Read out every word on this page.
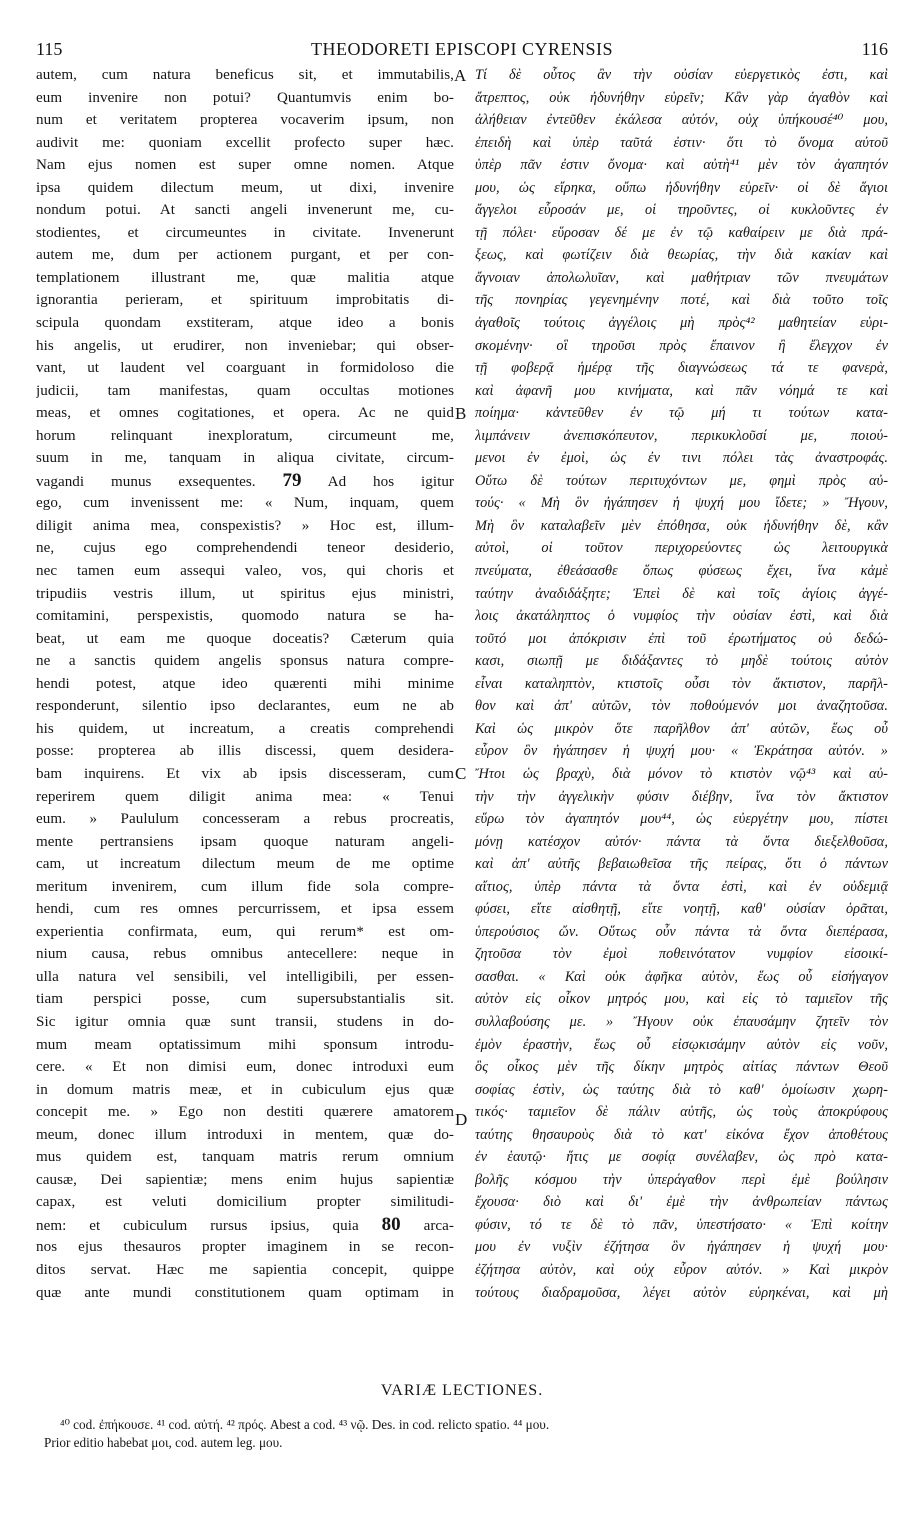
115	THEODORETI EPISCOPI CYRENSIS	116
autem, cum natura beneficus sit, et immutabilis,
eum invenire non potui? Quantumvis enim bo-
num et veritatem propterea vocaverim ipsum, non
audivit me: quoniam excellit profecto super hæc.
Nam ejus nomen est super omne nomen. Atque
ipsa quidem dilectum meum, ut dixi, invenire
nondum potui. At sancti angeli invenerunt me, cu-
stodientes, et circumeuntes in civitate. Invenerunt
autem me, dum per actionem purgant, et per con-
templationem illustrant me, quæ malitia atque
ignorantia perieram, et spirituum improbitatis di-
scipula quondam exstiteram, atque ideo a bonis
his angelis, ut erudirer, non inveniebar; qui obser-
vant, ut laudent vel coarguant in formidoloso die
judicii, tam manifestas, quam occultas motiones
meas, et omnes cogitationes, et opera. Ac ne quid
horum relinquant inexploratum, circumeunt me,
suum in me, tanquam in aliqua civitate, circum-
vagandi munus exsequentes. 79 Ad hos igitur
ego, cum invenissent me: « Num, inquam, quem
diligit anima mea, conspexistis? » Hoc est, illum-
ne, cujus ego comprehendendi teneor desiderio,
nec tamen eum assequi valeo, vos, qui choris et
tripudiis vestris illum, ut spiritus ejus ministri,
comitamini, perspexistis, quomodo natura se ha-
beat, ut eam me quoque doceatis? Cæterum quia
ne a sanctis quidem angelis sponsus natura compre-
hendi potest, atque ideo quærenti mihi minime
responderunt, silentio ipso declarantes, eum ne ab
his quidem, ut increatum, a creatis comprehendi
posse: propterea ab illis discessi, quem desidera-
bam inquirens. Et vix ab ipsis discesseram, cum
reperirem quem diligit anima mea: « Tenui
eum. » Paululum concesseram a rebus procreatis,
mente pertransiens ipsam quoque naturam angeli-
cam, ut increatum dilectum meum de me optime
meritum invenirem, cum illum fide sola compre-
hendi, cum res omnes percurrissem, et ipsa essem
experientia confirmata, eum, qui rerum* est om-
nium causa, rebus omnibus antecellere: neque in
ulla natura vel sensibili, vel intelligibili, per essen-
tiam perspici posse, cum supersubstantialis sit.
Sic igitur omnia quæ sunt transii, studens in do-
mum meam optatissimum mihi sponsum introdu-
cere. « Et non dimisi eum, donec introduxi eum
in domum matris meæ, et in cubiculum ejus quæ
concepit me. » Ego non destiti quærere amatorem
meum, donec illum introduxi in mentem, quæ do-
mus quidem est, tanquam matris rerum omnium
causæ, Dei sapientiæ; mens enim hujus sapientiæ
capax, est veluti domicilium propter similitudi-
nem: et cubiculum rursus ipsius, quia 80 arca-
nos ejus thesauros propter imaginem in se recon-
ditos servat. Hæc me sapientia concepit, quippe
quæ ante mundi constitutionem quam optimam in
Τί δὲ οὗτος ἂν τὴν οὐσίαν εὐεργετικὸς ἐστι, καὶ
ἄτρεπτος, οὐκ ἠδυνήθην εὑρεῖν; Κἂν γὰρ ἀγαθὸν καὶ
ἀλήθειαν ἐντεῦθεν ἐκάλεσα αὐτόν, οὐχ ὑπήκουσέ⁴⁰ μου,
ἐπειδὴ καὶ ὑπὲρ ταῦτά ἐστιν· ὅτι τὸ ὄνομα αὐτοῦ
ὑπὲρ πᾶν ἐστιν ὄνομα· καὶ αὐτὴ⁴¹ μὲν τὸν ἀγαπητόν
μου, ὡς εἴρηκα, οὔπω ἠδυνήθην εὑρεῖν· οἱ δὲ ἅγιοι
ἄγγελοι εὗροσάν με, οἱ τηροῦντες, οἱ κυκλοῦντες ἐν
τῇ πόλει· εὕροσαν δέ με ἐν τῷ καθαίρειν με διὰ πρά-
ξεως, καὶ φωτίζειν διὰ θεωρίας, τὴν διὰ κακίαν καὶ
ἄγνοιαν ἀπολωλυῖαν, καὶ μαθήτριαν τῶν πνευμάτων
τῆς πονηρίας γεγενημένην ποτέ, καὶ διὰ τοῦτο τοῖς
ἀγαθοῖς τούτοις ἀγγέλοις μὴ πρὸς⁴² μαθητείαν εὑρι-
σκομένην· οἳ τηροῦσι πρὸς ἔπαινον ἢ ἔλεγχον ἐν
τῇ φοβερᾷ ἡμέρᾳ τῆς διαγνώσεως τά τε φανερὰ,
καὶ ἀφανῆ μου κινήματα, καὶ πᾶν νόημά τε καὶ
ποίημα· κἀντεῦθεν ἐν τῷ μή τι τούτων κατα-
λιμπάνειν ἀνεπισκόπευτον, περικυκλοῦσί με, ποιού-
μενοι ἐν ἐμοὶ, ὡς ἐν τινι πόλει τὰς ἀναστροφάς.
Οὕτω δὲ τούτων περιτυχόντων με, φημὶ πρὸς αὐ-
τούς· « Μὴ ὃν ἠγάπησεν ἡ ψυχή μου ἴδετε; » Ἤγουν,
Μὴ ὃν καταλαβεῖν μὲν ἐπόθησα, οὐκ ἠδυνήθην δὲ, κἂν
αὐτοὶ, οἱ τοῦτον περιχορεύοντες ὡς λειτουργικὰ
πνεύματα, ἐθεάσασθε ὅπως φύσεως ἔχει, ἵνα κἀμὲ
ταύτην ἀναδιδάξητε; Ἐπεὶ δὲ καὶ τοῖς ἁγίοις ἀγγέ-
λοις ἀκατάληπτος ὁ νυμφίος τὴν οὐσίαν ἐστὶ, καὶ διὰ
τοῦτό μοι ἀπόκρισιν ἐπὶ τοῦ ἐρωτήματος οὐ δεδώ-
κασι, σιωπῇ με διδάξαντες τὸ μηδὲ τούτοις αὐτὸν
εἶναι καταληπτὸν, κτιστοῖς οὖσι τὸν ἄκτιστον, παρῆλ-
θον καὶ ἀπ' αὐτῶν, τὸν ποθούμενόν μοι ἀναζητοῦσα.
Καὶ ὡς μικρὸν ὅτε παρῆλθον ἀπ' αὐτῶν, ἕως οὗ
εὗρον ὃν ἠγάπησεν ἡ ψυχή μου· « Ἐκράτησα αὐτόν. »
Ἤτοι ὡς βραχὺ, διὰ μόνον τὸ κτιστὸν νῷ⁴³ καὶ αὐ-
τὴν τὴν ἀγγελικὴν φύσιν διέβην, ἵνα τὸν ἄκτιστον
εὕρω τὸν ἀγαπητόν μου⁴⁴, ὡς εὐεργέτην μου, πίστει
μόνῃ κατέσχον αὐτόν· πάντα τὰ ὄντα διεξελθοῦσα,
καὶ ἀπ' αὐτῆς βεβαιωθεῖσα τῆς πείρας, ὅτι ὁ πάντων
αἴτιος, ὑπὲρ πάντα τὰ ὄντα ἐστὶ, καὶ ἐν οὐδεμιᾷ
φύσει, εἴτε αἰσθητῇ, εἴτε νοητῇ, καθ' οὐσίαν ὁρᾶται,
ὑπερούσιος ὤν. Οὕτως οὖν πάντα τὰ ὄντα διεπέρασα,
ζητοῦσα τὸν ἐμοὶ ποθεινότατον νυμφίον εἰσοικί-
σασθαι. « Καὶ οὐκ ἀφῆκα αὐτὸν, ἕως οὗ εἰσήγαγον
αὐτὸν εἰς οἶκον μητρός μου, καὶ εἰς τὸ ταμιεῖον τῆς
συλλαβούσης με. » Ἤγουν οὐκ ἐπαυσάμην ζητεῖν τὸν
ἐμὸν ἐραστὴν, ἕως οὗ εἰσῳκισάμην αὐτὸν εἰς νοῦν,
ὃς οἶκος μὲν τῆς δίκην μητρὸς αἰτίας πάντων Θεοῦ
σοφίας ἐστὶν, ὡς ταύτης διὰ τὸ καθ' ὁμοίωσιν χωρη-
τικός· ταμιεῖον δὲ πάλιν αὐτῆς, ὡς τοὺς ἀποκρύφους
ταύτης θησαυροὺς διὰ τὸ κατ' εἰκόνα ἔχον ἀποθέτους
ἐν ἑαυτῷ· ἥτις με σοφίᾳ συνέλαβεν, ὡς πρὸ κατα-
βολῆς κόσμου τὴν ὑπεράγαθον περὶ ἐμὲ βούλησιν
ἔχουσα· διὸ καὶ δι' ἐμὲ τὴν ἀνθρωπείαν πάντως
φύσιν, τό τε δὲ τὸ πᾶν, ὑπεστήσατο· « Ἐπὶ κοίτην
μου ἐν νυξὶν ἐζήτησα ὃν ἠγάπησεν ἡ ψυχή μου·
ἐζήτησα αὐτὸν, καὶ οὐχ εὗρον αὐτόν. » Καὶ μικρὸν
τούτους διαδραμοῦσα, λέγει αὐτὸν εὑρηκέναι, καὶ μὴ
A
B
C
D
VARIÆ LECTIONES.
⁴⁰ cod. ἐπήκουσε. ⁴¹ cod. αὐτή. ⁴² πρός. Abest a cod. ⁴³ νῷ. Des. in cod. relicto spatio. ⁴⁴ μου.
Prior editio habebat μοι, cod. autem leg. μου.
